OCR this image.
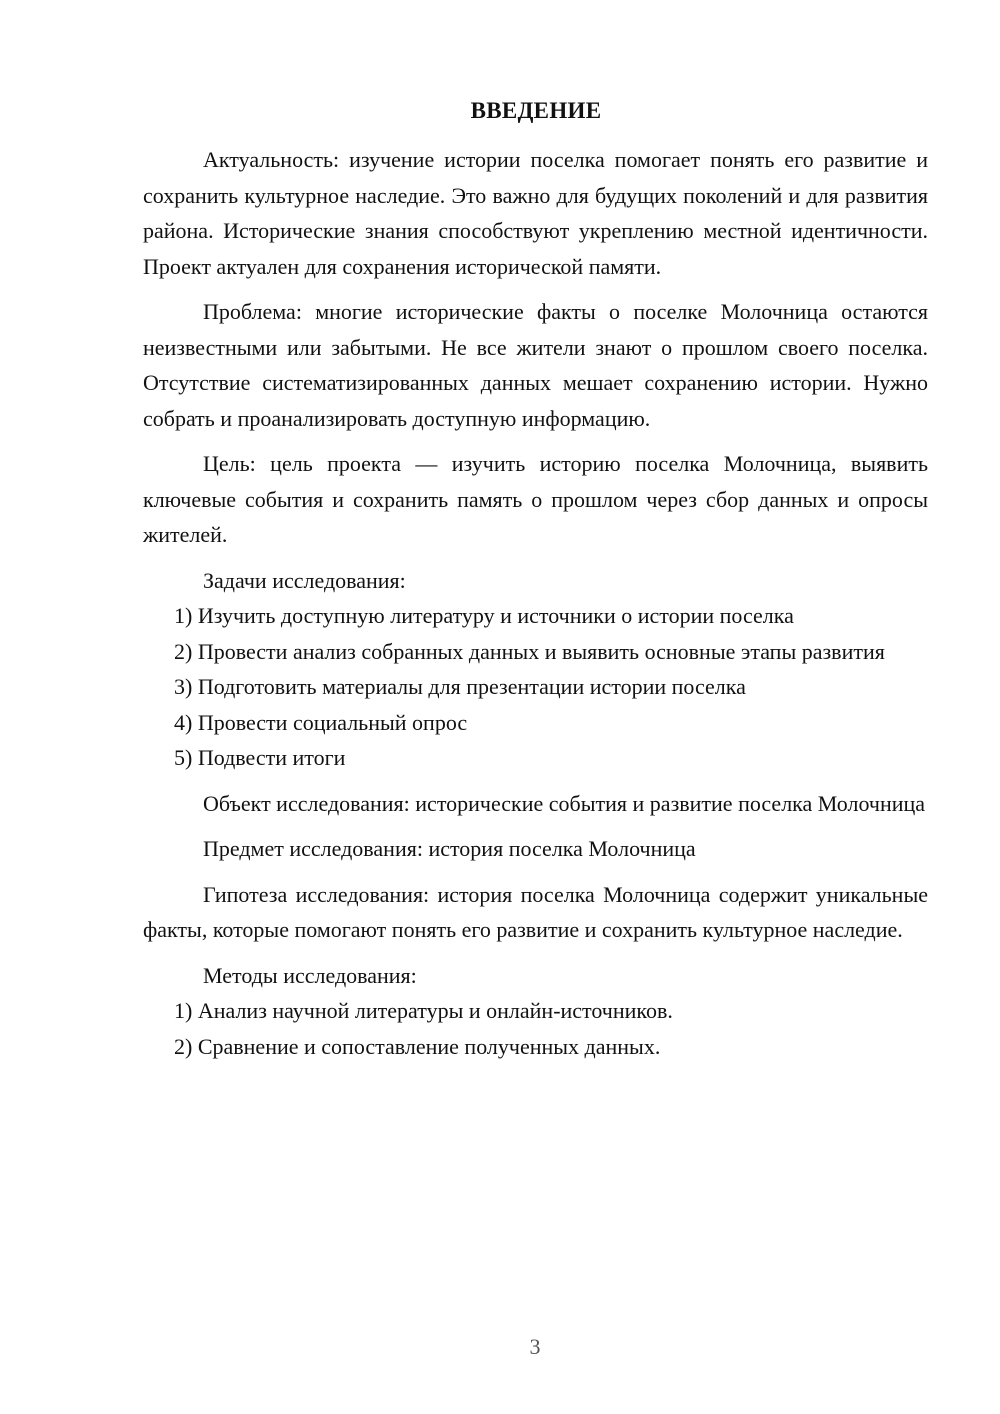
ВВЕДЕНИЕ

Актуальность: изучение истории поселка помогает понять его развитие и сохранить культурное наследие. Это важно для будущих поколений и для развития района. Исторические знания способствуют укреплению местной идентичности. Проект актуален для сохранения исторической памяти.

Проблема: многие исторические факты о поселке Молочница остаются неизвестными или забытыми. Не все жители знают о прошлом своего поселка. Отсутствие систематизированных данных мешает сохранению истории. Нужно собрать и проанализировать доступную информацию.

Цель: цель проекта — изучить историю поселка Молочница, выявить ключевые события и сохранить память о прошлом через сбор данных и опросы жителей.

Задачи исследования:

1) Изучить доступную литературу и источники о истории поселка

2) Провести анализ собранных данных и выявить основные этапы развития

3) Подготовить материалы для презентации истории поселка

4) Провести социальный опрос

5) Подвести итоги

Объект исследования: исторические события и развитие поселка Молочница

Предмет исследования: история поселка Молочница

Гипотеза исследования: история поселка Молочница содержит уникальные факты, которые помогают понять его развитие и сохранить культурное наследие.

Методы исследования:

1) Анализ научной литературы и онлайн-источников.

2) Сравнение и сопоставление полученных данных.

3
